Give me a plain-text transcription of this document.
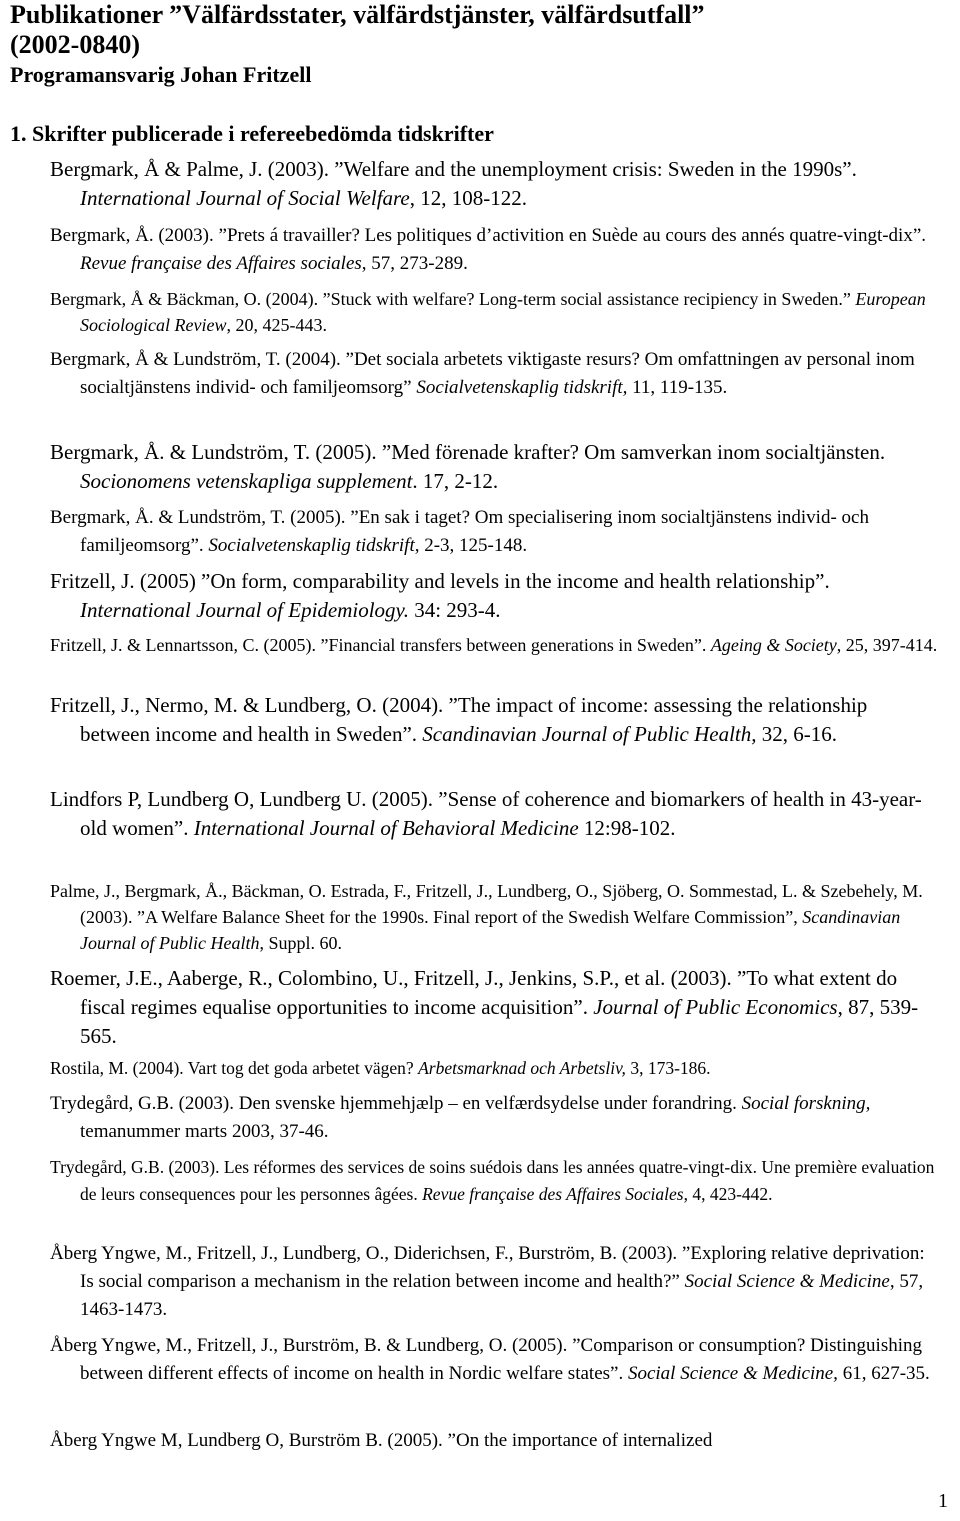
Publikationer ”Välfärdsstater, välfärdstjänster, välfärdsutfall”
(2002-0840)
Programansvarig Johan Fritzell
1. Skrifter publicerade i refereebedömda tidskrifter
Bergmark, Å & Palme, J. (2003). ”Welfare and the unemployment crisis: Sweden in the 1990s”. International Journal of Social Welfare, 12, 108-122.
Bergmark, Å. (2003). ”Prets á travailler? Les politiques d’activition en Suède au cours des annés quatre-vingt-dix”. Revue française des Affaires sociales, 57, 273-289.
Bergmark, Å & Bäckman, O. (2004). ”Stuck with welfare? Long-term social assistance recipiency in Sweden.” European Sociological Review, 20, 425-443.
Bergmark, Å & Lundström, T. (2004). ”Det sociala arbetets viktigaste resurs? Om omfattningen av personal inom socialtjänstens individ- och familjeomsorg” Socialvetenskaplig tidskrift, 11, 119-135.
Bergmark, Å. & Lundström, T. (2005). ”Med förenade krafter? Om samverkan inom socialtjänsten. Socionomens vetenskapliga supplement. 17, 2-12.
Bergmark, Å. & Lundström, T. (2005). ”En sak i taget? Om specialisering inom socialtjänstens individ- och familjeomsorg”. Socialvetenskaplig tidskrift, 2-3, 125-148.
Fritzell, J. (2005) ”On form, comparability and levels in the income and health relationship”. International Journal of Epidemiology. 34: 293-4.
Fritzell, J. & Lennartsson, C. (2005). ”Financial transfers between generations in Sweden”. Ageing & Society, 25, 397-414.
Fritzell, J., Nermo, M. & Lundberg, O. (2004). ”The impact of income: assessing the relationship between income and health in Sweden”. Scandinavian Journal of Public Health, 32, 6-16.
Lindfors P, Lundberg O, Lundberg U. (2005). ”Sense of coherence and biomarkers of health in 43-year-old women”. International Journal of Behavioral Medicine 12:98-102.
Palme, J., Bergmark, Å., Bäckman, O. Estrada, F., Fritzell, J., Lundberg, O., Sjöberg, O. Sommestad, L. & Szebehely, M. (2003). ”A Welfare Balance Sheet for the 1990s. Final report of the Swedish Welfare Commission”, Scandinavian Journal of Public Health, Suppl. 60.
Roemer, J.E., Aaberge, R., Colombino, U., Fritzell, J., Jenkins, S.P., et al. (2003). ”To what extent do fiscal regimes equalise opportunities to income acquisition”. Journal of Public Economics, 87, 539-565.
Rostila, M. (2004). Vart tog det goda arbetet vägen? Arbetsmarknad och Arbetsliv, 3, 173-186.
Trydegård, G.B. (2003). Den svenske hjemmehjælp – en velfærdsydelse under forandring. Social forskning, temanummer marts 2003, 37-46.
Trydegård, G.B. (2003). Les réformes des services de soins suédois dans les années quatre-vingt-dix. Une première evaluation de leurs consequences pour les personnes âgées. Revue française des Affaires Sociales, 4, 423-442.
Åberg Yngwe, M., Fritzell, J., Lundberg, O., Diderichsen, F., Burström, B. (2003). ”Exploring relative deprivation: Is social comparison a mechanism in the relation between income and health?” Social Science & Medicine, 57, 1463-1473.
Åberg Yngwe, M., Fritzell, J., Burström, B. & Lundberg, O. (2005). ”Comparison or consumption? Distinguishing between different effects of income on health in Nordic welfare states”. Social Science & Medicine, 61, 627-35.
Åberg Yngwe M, Lundberg O, Burström B. (2005). ”On the importance of internalized
1
